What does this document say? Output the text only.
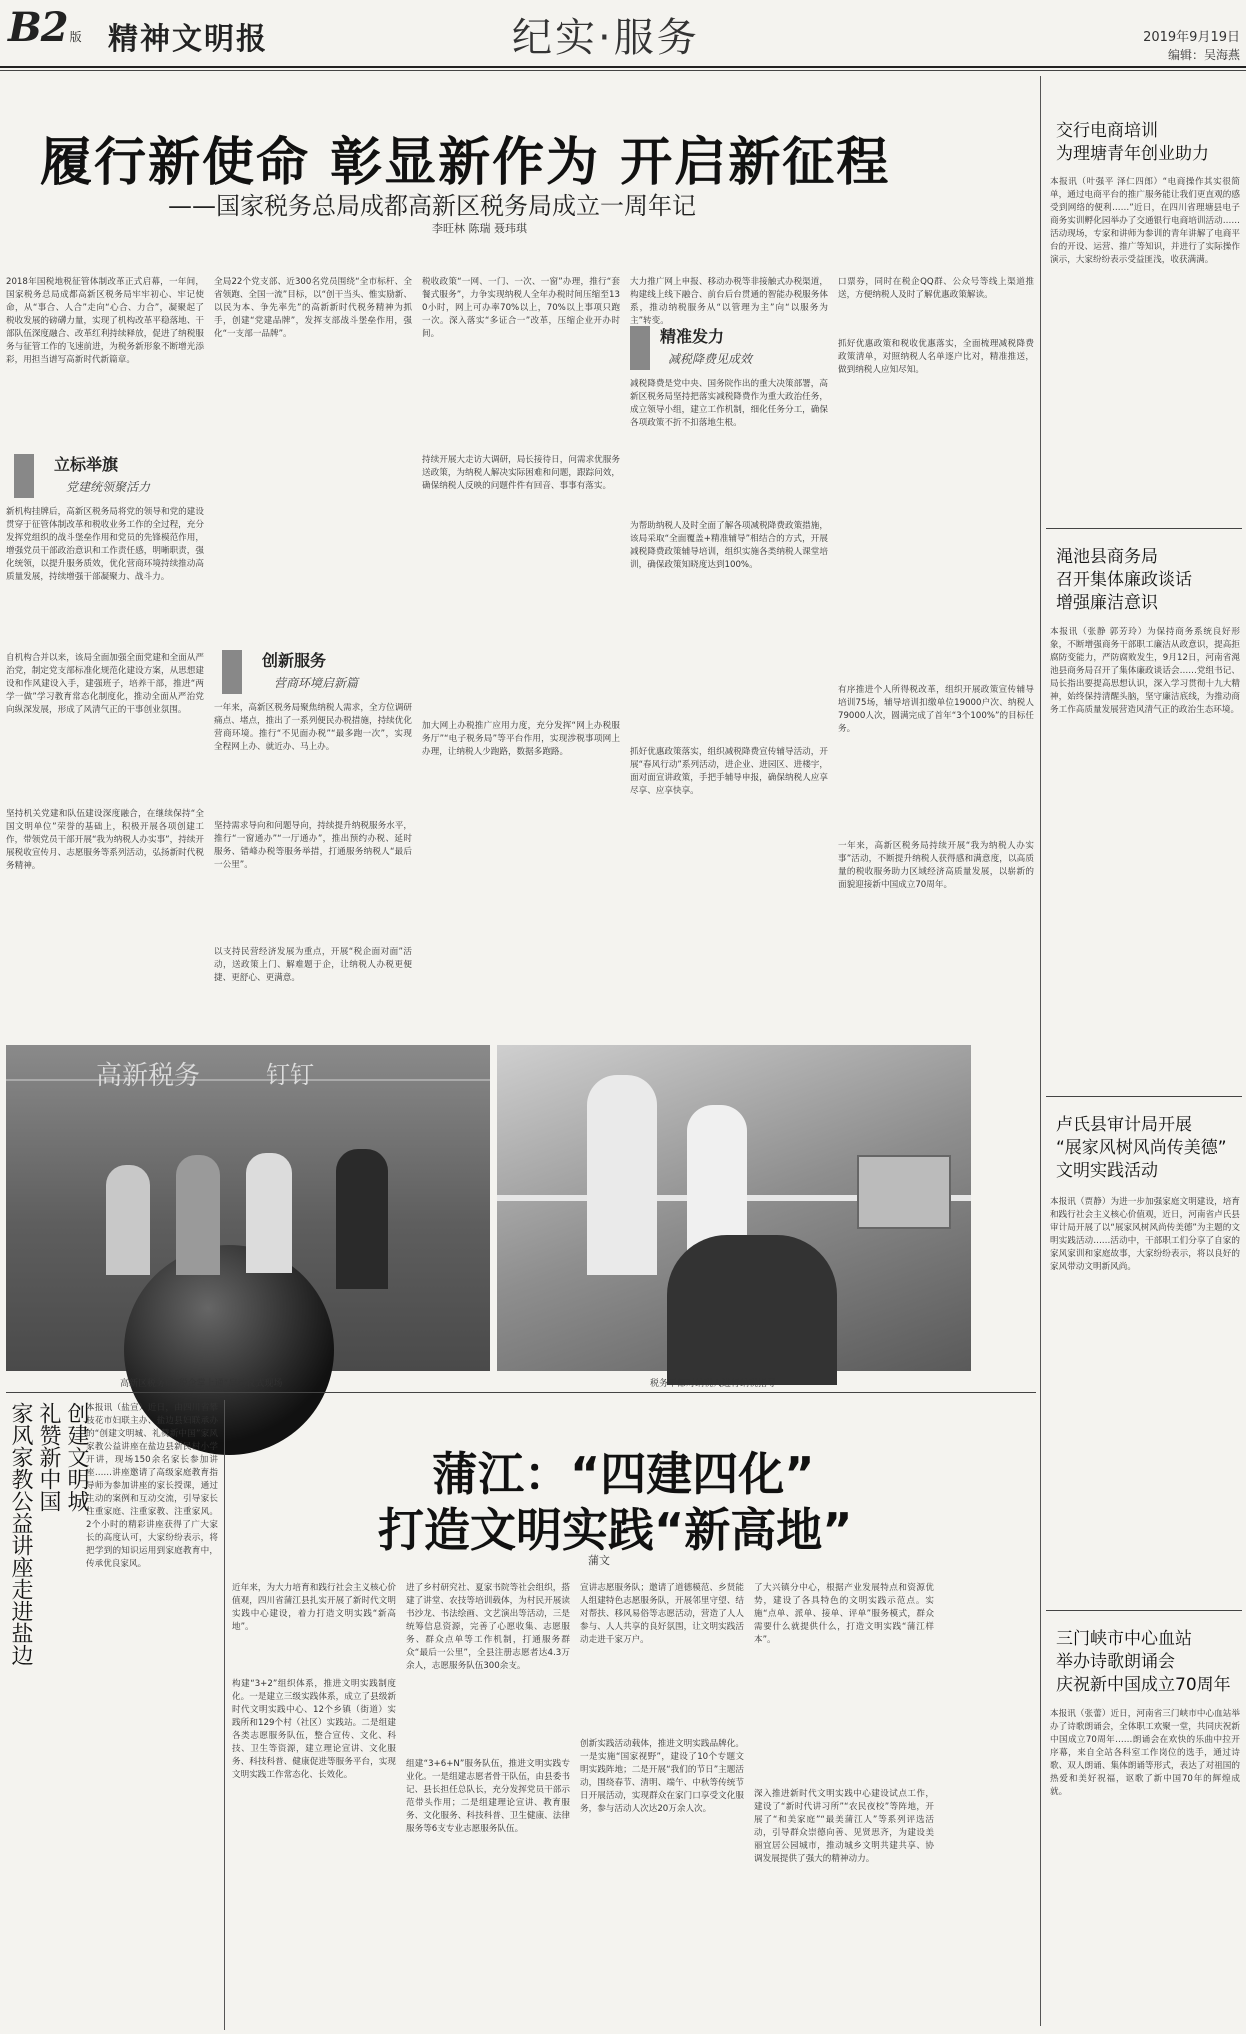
B2 版 精神文明报	纪实·服务	2019年9月19日
编辑：吴海燕
履行新使命 彰显新作为 开启新征程
——国家税务总局成都高新区税务局成立一周年记
李旺林 陈瑞 聂玮琪
2018年国税地税征管体制改革正式启幕，一年间，国家税务总局成都高新区税务局牢牢初心、牢记使命，从“事合、人合”走向“心合、力合”，凝聚起了税收发展的磅礴力量，实现了机构改革平稳落地、干部队伍深度融合、改革红利持续释放，促进了纳税服务与征管工作的飞速前进，为税务新形象不断增光添彩，用担当谱写高新时代新篇章。
立标举旗
党建统领聚活力
新机构挂牌后，高新区税务局将党的领导和党的建设贯穿于征管体制改革和税收业务工作的全过程，充分发挥党组织的战斗堡垒作用和党员的先锋模范作用，增强党员干部政治意识和工作责任感，明晰职责，强化统领，以提升服务质效，优化营商环境持续推动高质量发展，持续增强干部凝聚力、战斗力。
自机构合并以来，该局全面加强全面党建和全面从严治党，制定党支部标准化规范化建设方案，从思想建设和作风建设入手，建强班子，培养干部，推进“两学一做”学习教育常态化制度化，推动全面从严治党向纵深发展，形成了风清气正的干事创业氛围。
坚持机关党建和队伍建设深度融合，在继续保持“全国文明单位”荣誉的基础上，积极开展各项创建工作，带领党员干部开展“我为纳税人办实事”，持续开展税收宣传月、志愿服务等系列活动，弘扬新时代税务精神。
全局22个党支部、近300名党员围绕“全市标杆、全省领跑、全国一流”目标，以“创干当头、惟实励新、以民为本、争先率先”的高新新时代税务精神为抓手，创建“党建品牌”，发挥支部战斗堡垒作用，强化“一支部一品牌”。
创新服务
营商环境启新篇
一年来，高新区税务局聚焦纳税人需求，全方位调研痛点、堵点，推出了一系列便民办税措施，持续优化营商环境。推行“不见面办税”“最多跑一次”，实现全程网上办、就近办、马上办。
坚持需求导向和问题导向，持续提升纳税服务水平，推行“一窗通办”“一厅通办”，推出预约办税、延时服务、错峰办税等服务举措，打通服务纳税人“最后一公里”。
以支持民营经济发展为重点，开展“税企面对面”活动，送政策上门、解难题于企，让纳税人办税更便捷、更舒心、更满意。
税收政策“一网、一门、一次、一窗”办理，推行“套餐式服务”，力争实现纳税人全年办税时间压缩至130小时，网上可办率70%以上，70%以上事项只跑一次。深入落实“多证合一”改革，压缩企业开办时间。
持续开展大走访大调研，局长接待日，问需求优服务送政策，为纳税人解决实际困难和问题，跟踪问效，确保纳税人反映的问题件件有回音、事事有落实。
加大网上办税推广应用力度，充分发挥“网上办税服务厅”“电子税务局”等平台作用，实现涉税事项网上办理，让纳税人少跑路，数据多跑路。
大力推广网上申报、移动办税等非接触式办税渠道，构建线上线下融合、前台后台贯通的智能办税服务体系，推动纳税服务从“以管理为主”向“以服务为主”转变。
精准发力
减税降费见成效
减税降费是党中央、国务院作出的重大决策部署，高新区税务局坚持把落实减税降费作为重大政治任务，成立领导小组，建立工作机制，细化任务分工，确保各项政策不折不扣落地生根。
为帮助纳税人及时全面了解各项减税降费政策措施，该局采取“全面覆盖+精准辅导”相结合的方式，开展减税降费政策辅导培训，组织实施各类纳税人课堂培训，确保政策知晓度达到100%。
抓好优惠政策落实，组织减税降费宣传辅导活动，开展“春风行动”系列活动，进企业、进园区、进楼宇，面对面宣讲政策，手把手辅导申报，确保纳税人应享尽享、应享快享。
口票券，同时在税企QQ群、公众号等线上渠道推送，方便纳税人及时了解优惠政策解读。
抓好优惠政策和税收优惠落实，全面梳理减税降费政策清单，对照纳税人名单逐户比对，精准推送，做到纳税人应知尽知。
有序推进个人所得税改革，组织开展政策宣传辅导培训75场，辅导培训扣缴单位19000户次、纳税人79000人次，圆满完成了首年“3个100%”的目标任务。
一年来，高新区税务局持续开展“我为纳税人办实事”活动，不断提升纳税人获得感和满意度，以高质量的税收服务助力区域经济高质量发展，以崭新的面貌迎接新中国成立70周年。
高新税务	钉钉
高新区税务局“税企掌上通”启动仪式现场	税务干部对纳税人进行纳税指导
创建文明城
礼赞新中国
家风家教公益讲座走进盐边	本报讯（盐宣）近日，由四川省攀枝花市妇联主办、盐边县妇联承办的“创建文明城、礼赞新中国”家风家教公益讲座在盐边县新民村小学开讲，现场150余名家长参加讲座……讲座邀请了高级家庭教育指导师为参加讲座的家长授课，通过生动的案例和互动交流，引导家长注重家庭、注重家教、注重家风。2个小时的精彩讲座获得了广大家长的高度认可，大家纷纷表示，将把学到的知识运用到家庭教育中，传承优良家风。
蒲江：“四建四化”
打造文明实践“新高地”
蒲文
近年来，为大力培育和践行社会主义核心价值观，四川省蒲江县扎实开展了新时代文明实践中心建设，着力打造文明实践“新高地”。
构建“3+2”组织体系，推进文明实践制度化。一是建立三级实践体系，成立了县级新时代文明实践中心、12个乡镇（街道）实践所和129个村（社区）实践站。二是组建各类志愿服务队伍，整合宣传、文化、科技、卫生等资源，建立理论宣讲、文化服务、科技科普、健康促进等服务平台，实现文明实践工作常态化、长效化。
进了乡村研究社、夏家书院等社会组织，搭建了讲堂、农技等培训载体，为村民开展读书沙龙、书法绘画、文艺演出等活动，三是统筹信息资源，完善了心愿收集、志愿服务、群众点单等工作机制，打通服务群众“最后一公里”，全县注册志愿者达4.3万余人，志愿服务队伍300余支。
组建“3+6+N”服务队伍，推进文明实践专业化。一是组建志愿者骨干队伍，由县委书记、县长担任总队长，充分发挥党员干部示范带头作用；二是组建理论宣讲、教育服务、文化服务、科技科普、卫生健康、法律服务等6支专业志愿服务队伍。
宣讲志愿服务队；邀请了道德模范、乡贤能人组建特色志愿服务队，开展邻里守望、结对帮扶、移风易俗等志愿活动，营造了人人参与、人人共享的良好氛围，让文明实践活动走进千家万户。
创新实践活动载体，推进文明实践品牌化。一是实施“国家视野”，建设了10个专题文明实践阵地；二是开展“我们的节日”主题活动，围绕春节、清明、端午、中秋等传统节日开展活动，实现群众在家门口享受文化服务，参与活动人次达20万余人次。
了大兴镇分中心，根据产业发展特点和资源优势，建设了各具特色的文明实践示范点。实施“点单、派单、接单、评单”服务模式，群众需要什么就提供什么，打造文明实践“蒲江样本”。
深入推进新时代文明实践中心建设试点工作，建设了“新时代讲习所”“农民夜校”等阵地，开展了“和美家庭”“最美蒲江人”等系列评选活动，引导群众崇德向善、见贤思齐，为建设美丽宜居公园城市，推动城乡文明共建共享、协调发展提供了强大的精神动力。
交行电商培训
为理塘青年创业助力
本报讯（叶强平 泽仁四郎）“电商操作其实很简单，通过电商平台的推广服务能让我们更直观的感受到网络的便利……”近日，在四川省理塘县电子商务实训孵化园举办了交通银行电商培训活动……活动现场，专家和讲师为参训的青年讲解了电商平台的开设、运营、推广等知识，并进行了实际操作演示，大家纷纷表示受益匪浅，收获满满。
渑池县商务局
召开集体廉政谈话
增强廉洁意识
本报讯（张静 郭芳玲）为保持商务系统良好形象，不断增强商务干部职工廉洁从政意识，提高拒腐防变能力，严防腐败发生，9月12日，河南省渑池县商务局召开了集体廉政谈话会……党组书记、局长指出要提高思想认识，深入学习贯彻十九大精神，始终保持清醒头脑，坚守廉洁底线，为推动商务工作高质量发展营造风清气正的政治生态环境。
卢氏县审计局开展
“展家风树风尚传美德”
文明实践活动
本报讯（贾静）为进一步加强家庭文明建设，培育和践行社会主义核心价值观，近日，河南省卢氏县审计局开展了以“展家风树风尚传美德”为主题的文明实践活动……活动中，干部职工们分享了自家的家风家训和家庭故事，大家纷纷表示，将以良好的家风带动文明新风尚。
三门峡市中心血站
举办诗歌朗诵会
庆祝新中国成立70周年
本报讯（张蕾）近日，河南省三门峡市中心血站举办了诗歌朗诵会，全体职工欢聚一堂，共同庆祝新中国成立70周年……朗诵会在欢快的乐曲中拉开序幕，来自全站各科室工作岗位的选手，通过诗歌、双人朗诵、集体朗诵等形式，表达了对祖国的热爱和美好祝福，讴歌了新中国70年的辉煌成就。
